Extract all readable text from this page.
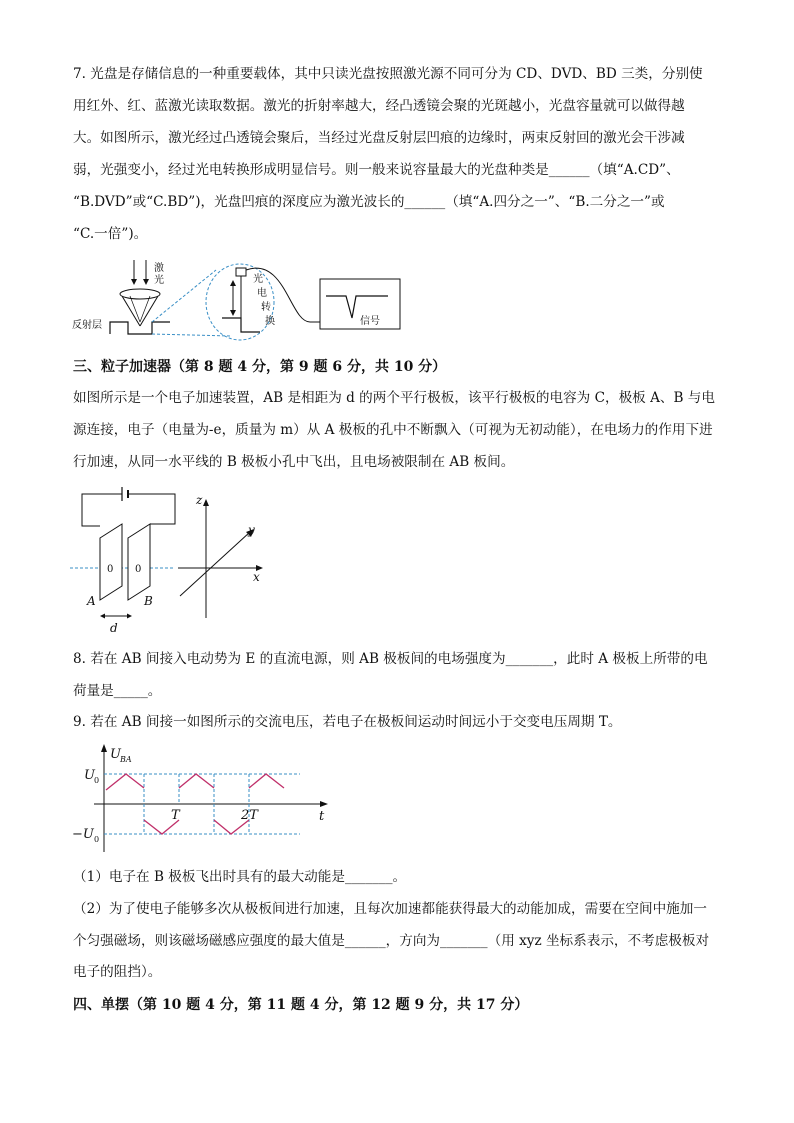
7. 光盘是存储信息的一种重要载体，其中只读光盘按照激光源不同可分为 CD、DVD、BD 三类，分别使
用红外、红、蓝激光读取数据。激光的折射率越大，经凸透镜会聚的光斑越小，光盘容量就可以做得越
大。如图所示，激光经过凸透镜会聚后，当经过光盘反射层凹痕的边缘时，两束反射回的激光会干涉减
弱，光强变小，经过光电转换形成明显信号。则一般来说容量最大的光盘种类是______（填“A.CD”、
“B.DVD”或“C.BD”)，光盘凹痕的深度应为激光波长的______（填“A.四分之一”、“B.二分之一”或
“C.一倍”)。
激
光
反射层
光
电
转
换	信号
三、粒子加速器（第 8 题 4 分，第 9 题 6 分，共 10 分）
如图所示是一个电子加速装置，AB 是相距为 d 的两个平行极板，该平行极板的电容为 C，极板 A、B 与电
源连接，电子（电量为-e，质量为 m）从 A 极板的孔中不断飘入（可视为无初动能），在电场力的作用下进
行加速，从同一水平线的 B 极板小孔中飞出，且电场被限制在 AB 板间。
0 0
A	B
d
z
x
y
8. 若在 AB 间接入电动势为 E 的直流电源，则 AB 极板间的电场强度为_______，此时 A 极板上所带的电
荷量是_____。
9. 若在 AB 间接一如图所示的交流电压，若电子在极板间运动时间远小于交变电压周期 T。
U BA
t
U 0
−U 0
T	2T
（1）电子在 B 极板飞出时具有的最大动能是_______。
（2）为了使电子能够多次从极板间进行加速，且每次加速都能获得最大的动能加成，需要在空间中施加一
个匀强磁场，则该磁场磁感应强度的最大值是______，方向为_______（用 xyz 坐标系表示，不考虑极板对
电子的阻挡）。
四、单摆（第 10 题 4 分，第 11 题 4 分，第 12 题 9 分，共 17 分）
